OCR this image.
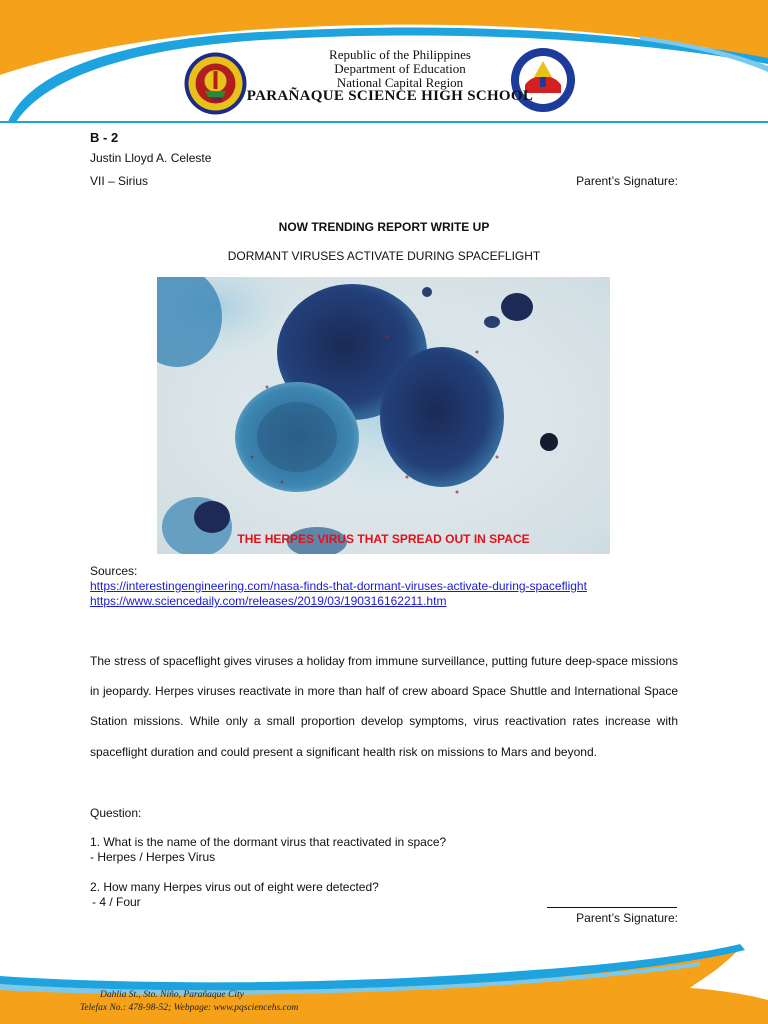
1990
Republic of the Philippines
Department of Education
National Capital Region
PARAÑAQUE SCIENCE HIGH SCHOOL
B - 2
Justin Lloyd A. Celeste
VII – Sirius	Parent’s Signature:
NOW TRENDING REPORT WRITE UP
DORMANT VIRUSES ACTIVATE DURING SPACEFLIGHT
THE HERPES VIRUS THAT SPREAD OUT IN SPACE
Sources:
https://interestingengineering.com/nasa-finds-that-dormant-viruses-activate-during-spaceflight
https://www.sciencedaily.com/releases/2019/03/190316162211.htm
The stress of spaceflight gives viruses a holiday from immune surveillance, putting future deep-space missions in jeopardy. Herpes viruses reactivate in more than half of crew aboard Space Shuttle and International Space Station missions. While only a small proportion develop symptoms, virus reactivation rates increase with spaceflight duration and could present a significant health risk on missions to Mars and beyond.
Question:
1. What is the name of the dormant virus that reactivated in space?
- Herpes / Herpes Virus
2. How many Herpes virus out of eight were detected?
- 4 / Four
Parent’s Signature:
Dahlia St., Sto. Niño, Parañaque City
Telefax No.: 478-98-52; Webpage: www.pqsciencehs.com
